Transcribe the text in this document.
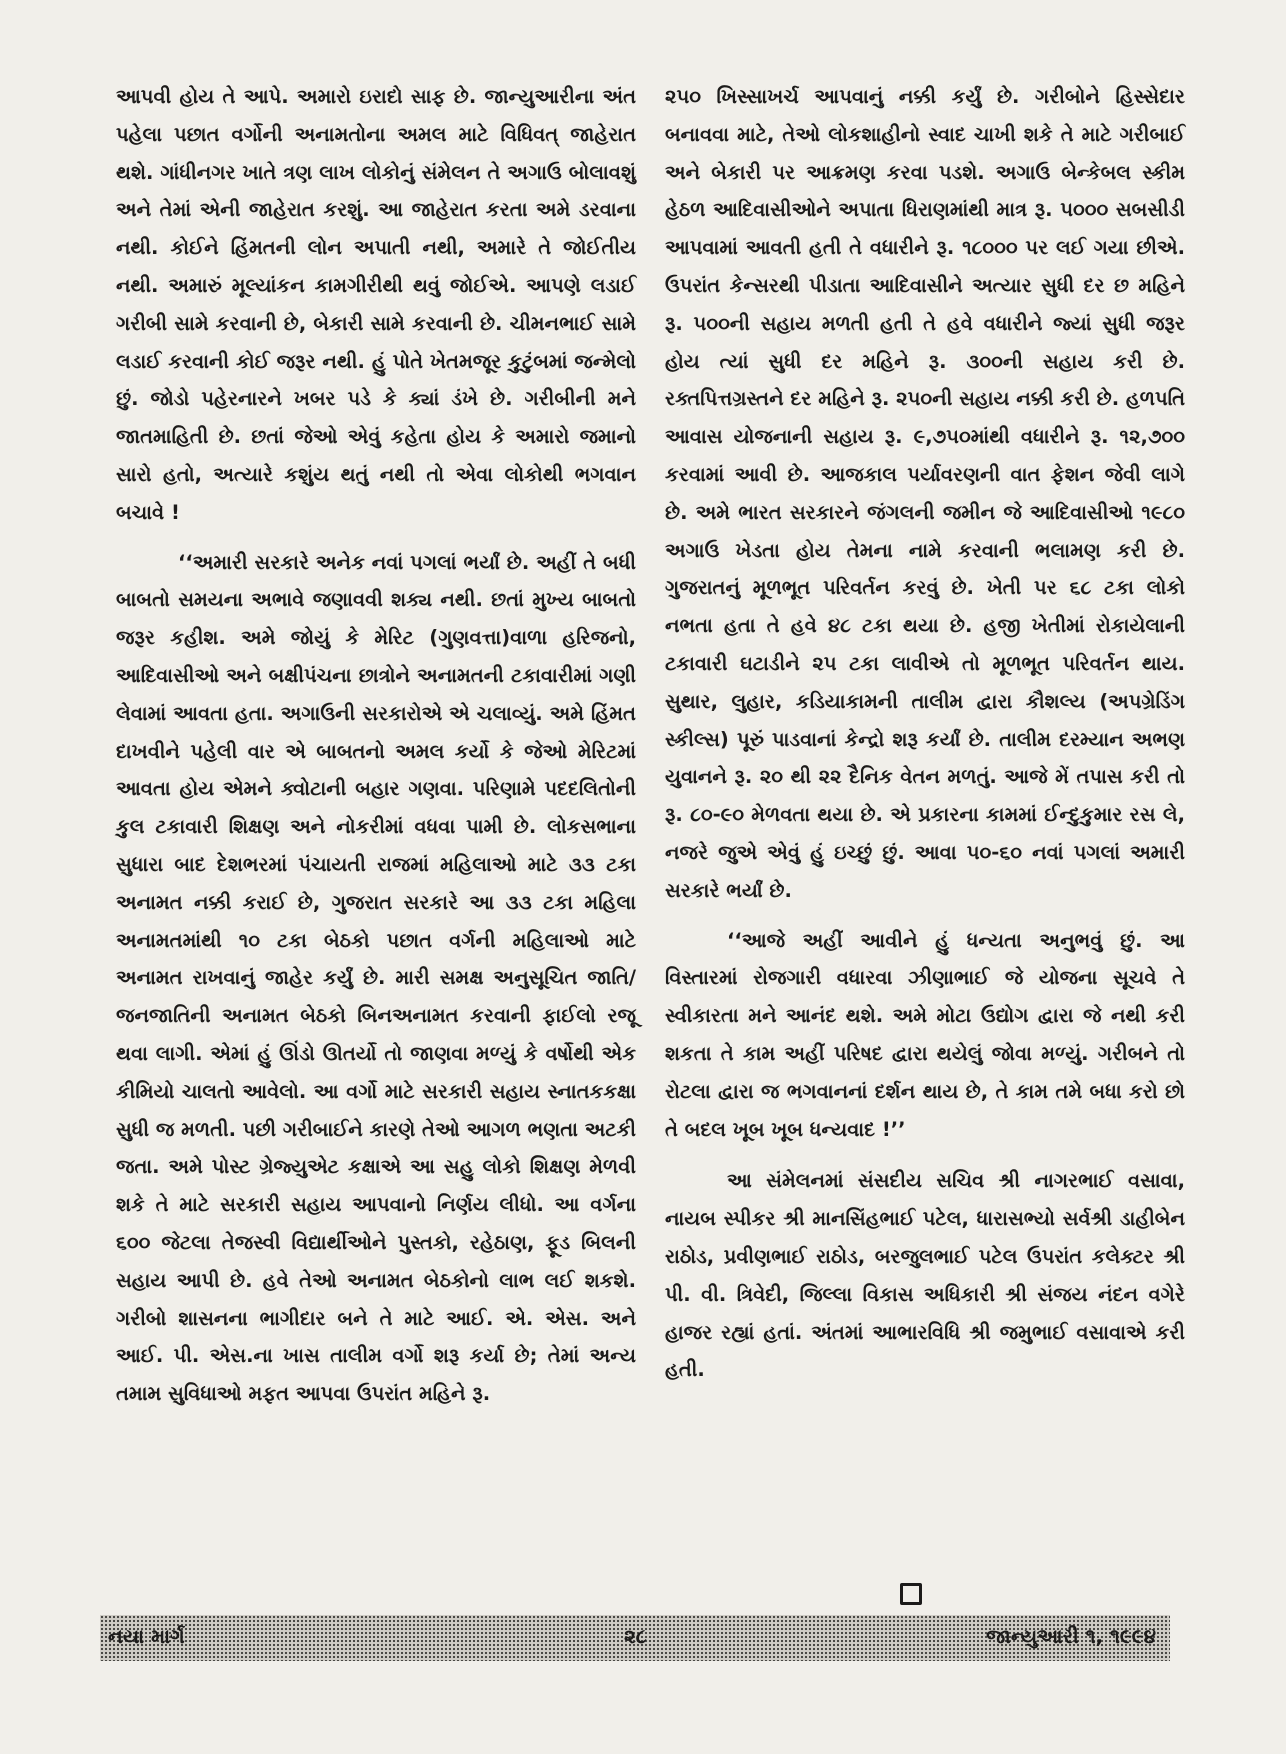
આપવી હોય તે આપે. અમારો ઇરાદો સાફ છે. જાન્યુઆરીના અંત પહેલા પછાત વર્ગોની અનામતોના અમલ માટે વિધિવત્ જાહેરાત થશે. ગાંધીનગર ખાતે ત્રણ લાખ લોકોનું સંમેલન તે અગાઉ બોલાવશું અને તેમાં એની જાહેરાત કરશું. આ જાહેરાત કરતા અમે ડરવાના નથી. કોઈને હિંમતની લોન અપાતી નથી, અમારે તે જોઈતીય નથી. અમારું મૂલ્યાંકન કામગીરીથી થવું જોઈએ. આપણે લડાઈ ગરીબી સામે કરવાની છે, બેકારી સામે કરવાની છે. ચીમનભાઈ સામે લડાઈ કરવાની કોઈ જરૂર નથી. હું પોતે ખેતમજૂર કુટુંબમાં જન્મેલો છું. જોડો પહેરનારને ખબર પડે કે ક્યાં ડંખે છે. ગરીબીની મને જાતમાહિતી છે. છતાં જેઓ એવું કહેતા હોય કે અમારો જમાનો સારો હતો, અત્યારે કશુંય થતું નથી તો એવા લોકોથી ભગવાન બચાવે !

‘‘અમારી સરકારે અનેક નવાં પગલાં ભર્યાં છે. અહીં તે બધી બાબતો સમયના અભાવે જણાવવી શક્ય નથી. છતાં મુખ્ય બાબતો જરૂર કહીશ. અમે જોયું કે મેરિટ (ગુણવત્તા)વાળા હરિજનો, આદિવાસીઓ અને બક્ષીપંચના છાત્રોને અનામતની ટકાવારીમાં ગણી લેવામાં આવતા હતા. અગાઉની સરકારોએ એ ચલાવ્યું. અમે હિંમત દાખવીને પહેલી વાર એ બાબતનો અમલ કર્યો કે જેઓ મેરિટમાં આવતા હોય એમને ક્વોટાની બહાર ગણવા. પરિણામે પદદલિતોની કુલ ટકાવારી શિક્ષણ અને નોકરીમાં વધવા પામી છે. લોકસભાના સુધારા બાદ દેશભરમાં પંચાયતી રાજમાં મહિલાઓ માટે ૩૩ ટકા અનામત નક્કી કરાઈ છે, ગુજરાત સરકારે આ ૩૩ ટકા મહિલા અનામતમાંથી ૧૦ ટકા બેઠકો પછાત વર્ગની મહિલાઓ માટે અનામત રાખવાનું જાહેર કર્યું છે. મારી સમક્ષ અનુસૂચિત જાતિ/જનજાતિની અનામત બેઠકો બિનઅનામત કરવાની ફાઈલો રજૂ થવા લાગી. એમાં હું ઊંડો ઊતર્યો તો જાણવા મળ્યું કે વર્ષોથી એક કીમિયો ચાલતો આવેલો. આ વર્ગો માટે સરકારી સહાય સ્નાતકકક્ષા સુધી જ મળતી. પછી ગરીબાઈને કારણે તેઓ આગળ ભણતા અટકી જતા. અમે પોસ્ટ ગ્રેજ્યુએટ કક્ષાએ આ સહુ લોકો શિક્ષણ મેળવી શકે તે માટે સરકારી સહાય આપવાનો નિર્ણય લીધો. આ વર્ગના ૬૦૦ જેટલા તેજસ્વી વિદ્યાર્થીઓને પુસ્તકો, રહેઠાણ, ફૂડ બિલની સહાય આપી છે. હવે તેઓ અનામત બેઠકોનો લાભ લઈ શકશે. ગરીબો શાસનના ભાગીદાર બને તે માટે આઈ. એ. એસ. અને આઈ. પી. એસ.ના ખાસ તાલીમ વર્ગો શરૂ કર્યા છે; તેમાં અન્ય તમામ સુવિધાઓ મફત આપવા ઉપરાંત મહિને રૂ.

૨૫૦ ખિસ્સાખર્ચ આપવાનું નક્કી કર્યું છે. ગરીબોને હિસ્સેદાર બનાવવા માટે, તેઓ લોકશાહીનો સ્વાદ ચાખી શકે તે માટે ગરીબાઈ અને બેકારી પર આક્રમણ કરવા પડશે. અગાઉ બેન્કેબલ સ્કીમ હેઠળ આદિવાસીઓને અપાતા ધિરાણમાંથી માત્ર રૂ. ૫૦૦૦ સબસીડી આપવામાં આવતી હતી તે વધારીને રૂ. ૧૮૦૦૦ પર લઈ ગયા છીએ. ઉપરાંત કેન્સરથી પીડાતા આદિવાસીને અત્યાર સુધી દર છ મહિને રૂ. ૫૦૦ની સહાય મળતી હતી તે હવે વધારીને જ્યાં સુધી જરૂર હોય ત્યાં સુધી દર મહિને રૂ. ૩૦૦ની સહાય કરી છે. રક્તપિત્તગ્રસ્તને દર મહિને રૂ. ૨૫૦ની સહાય નક્કી કરી છે. હળપતિ આવાસ યોજનાની સહાય રૂ. ૯,૭૫૦માંથી વધારીને રૂ. ૧૨,૭૦૦ કરવામાં આવી છે. આજકાલ પર્યાવરણની વાત ફેશન જેવી લાગે છે. અમે ભારત સરકારને જંગલની જમીન જે આદિવાસીઓ ૧૯૮૦ અગાઉ ખેડતા હોય તેમના નામે કરવાની ભલામણ કરી છે. ગુજરાતનું મૂળભૂત પરિવર્તન કરવું છે. ખેતી પર ૬૮ ટકા લોકો નભતા હતા તે હવે ૪૮ ટકા થયા છે. હજી ખેતીમાં રોકાયેલાની ટકાવારી ઘટાડીને ૨૫ ટકા લાવીએ તો મૂળભૂત પરિવર્તન થાય. સુથાર, લુહાર, કડિયાકામની તાલીમ દ્વારા કૌશલ્ય (અપગ્રેડિંગ સ્કીલ્સ) પૂરું પાડવાનાં કેન્દ્રો શરૂ કર્યાં છે. તાલીમ દરમ્યાન અભણ યુવાનને રૂ. ૨૦ થી ૨૨ દૈનિક વેતન મળતું. આજે મેં તપાસ કરી તો રૂ. ૮૦-૯૦ મેળવતા થયા છે. એ પ્રકારના કામમાં ઈન્દુકુમાર રસ લે, નજરે જુએ એવું હું ઇચ્છું છું. આવા ૫૦-૬૦ નવાં પગલાં અમારી સરકારે ભર્યાં છે.

‘‘આજે અહીં આવીને હું ધન્યતા અનુભવું છું. આ વિસ્તારમાં રોજગારી વધારવા ઝીણાભાઈ જે યોજના સૂચવે તે સ્વીકારતા મને આનંદ થશે. અમે મોટા ઉદ્યોગ દ્વારા જે નથી કરી શકતા તે કામ અહીં પરિષદ દ્વારા થયેલું જોવા મળ્યું. ગરીબને તો રોટલા દ્વારા જ ભગવાનનાં દર્શન થાય છે, તે કામ તમે બધા કરો છો તે બદલ ખૂબ ખૂબ ધન્યવાદ !’’

આ સંમેલનમાં સંસદીય સચિવ શ્રી નાગરભાઈ વસાવા, નાયબ સ્પીકર શ્રી માનસિંહભાઈ પટેલ, ધારાસભ્યો સર્વશ્રી ડાહીબેન રાઠોડ, પ્રવીણભાઈ રાઠોડ, બરજુલભાઈ પટેલ ઉપરાંત કલેક્ટર શ્રી પી. વી. ત્રિવેદી, જિલ્લા વિકાસ અધિકારી શ્રી સંજય નંદન વગેરે હાજર રહ્યાં હતાં. અંતમાં આભારવિધિ શ્રી જમુભાઈ વસાવાએ કરી હતી.

નયા માર્ગ	૨૮	જાન્યુઆરી ૧, ૧૯૯૪
